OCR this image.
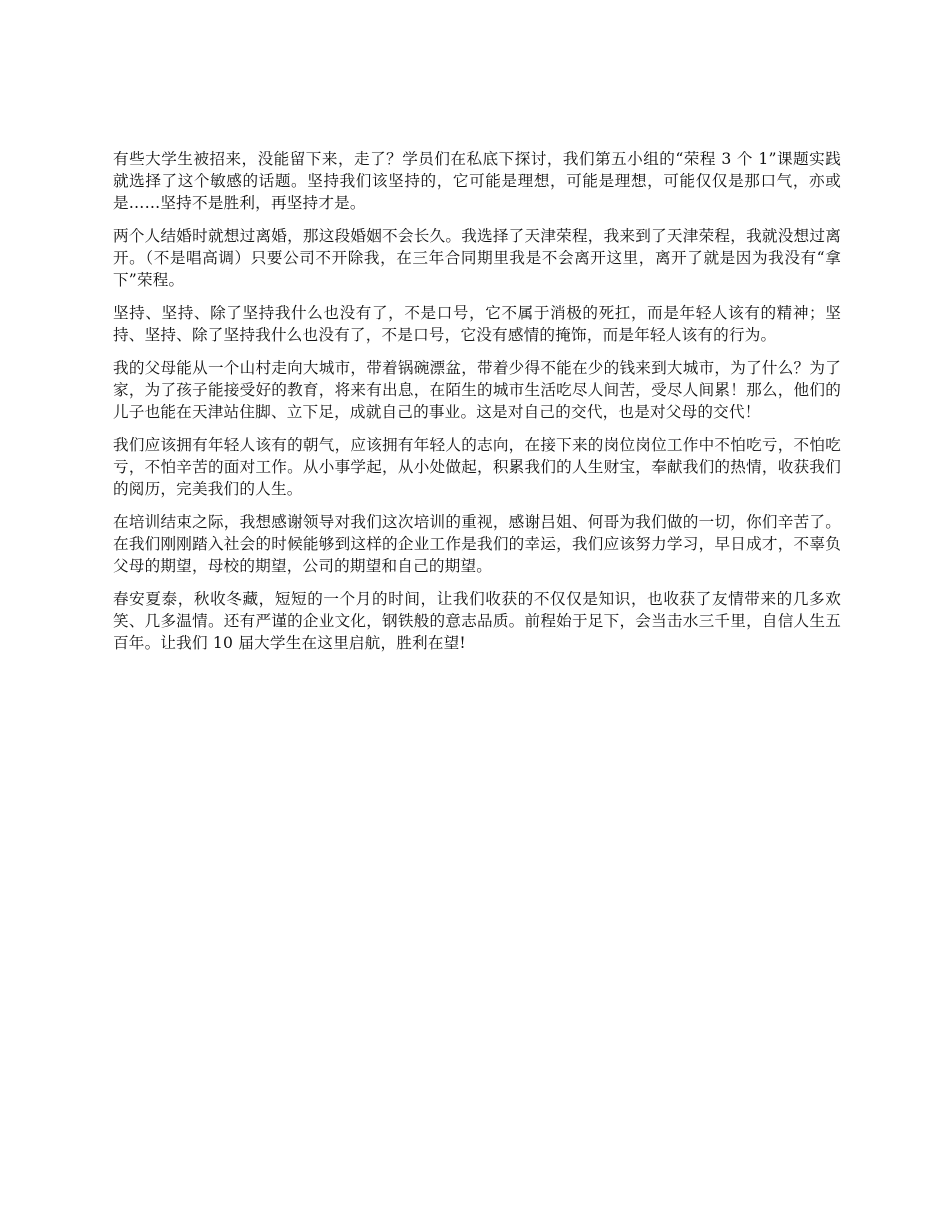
有些大学生被招来，没能留下来，走了？学员们在私底下探讨，我们第五小组的“荣程 3 个 1”课题实践就选择了这个敏感的话题。坚持我们该坚持的，它可能是理想，可能是理想，可能仅仅是那口气，亦或是……坚持不是胜利，再坚持才是。

两个人结婚时就想过离婚，那这段婚姻不会长久。我选择了天津荣程，我来到了天津荣程，我就没想过离开。（不是唱高调）只要公司不开除我，在三年合同期里我是不会离开这里，离开了就是因为我没有“拿下”荣程。

坚持、坚持、除了坚持我什么也没有了，不是口号，它不属于消极的死扛，而是年轻人该有的精神；坚持、坚持、除了坚持我什么也没有了，不是口号，它没有感情的掩饰，而是年轻人该有的行为。

我的父母能从一个山村走向大城市，带着锅碗漂盆，带着少得不能在少的钱来到大城市，为了什么？为了家，为了孩子能接受好的教育，将来有出息，在陌生的城市生活吃尽人间苦，受尽人间累！那么，他们的儿子也能在天津站住脚、立下足，成就自己的事业。这是对自己的交代，也是对父母的交代！

我们应该拥有年轻人该有的朝气，应该拥有年轻人的志向，在接下来的岗位岗位工作中不怕吃亏，不怕吃亏，不怕辛苦的面对工作。从小事学起，从小处做起，积累我们的人生财宝，奉献我们的热情，收获我们的阅历，完美我们的人生。

在培训结束之际，我想感谢领导对我们这次培训的重视，感谢吕姐、何哥为我们做的一切，你们辛苦了。在我们刚刚踏入社会的时候能够到这样的企业工作是我们的幸运，我们应该努力学习，早日成才，不辜负父母的期望，母校的期望，公司的期望和自己的期望。

春安夏泰，秋收冬藏，短短的一个月的时间，让我们收获的不仅仅是知识，也收获了友情带来的几多欢笑、几多温情。还有严谨的企业文化，钢铁般的意志品质。前程始于足下，会当击水三千里，自信人生五百年。让我们 10 届大学生在这里启航，胜利在望!
